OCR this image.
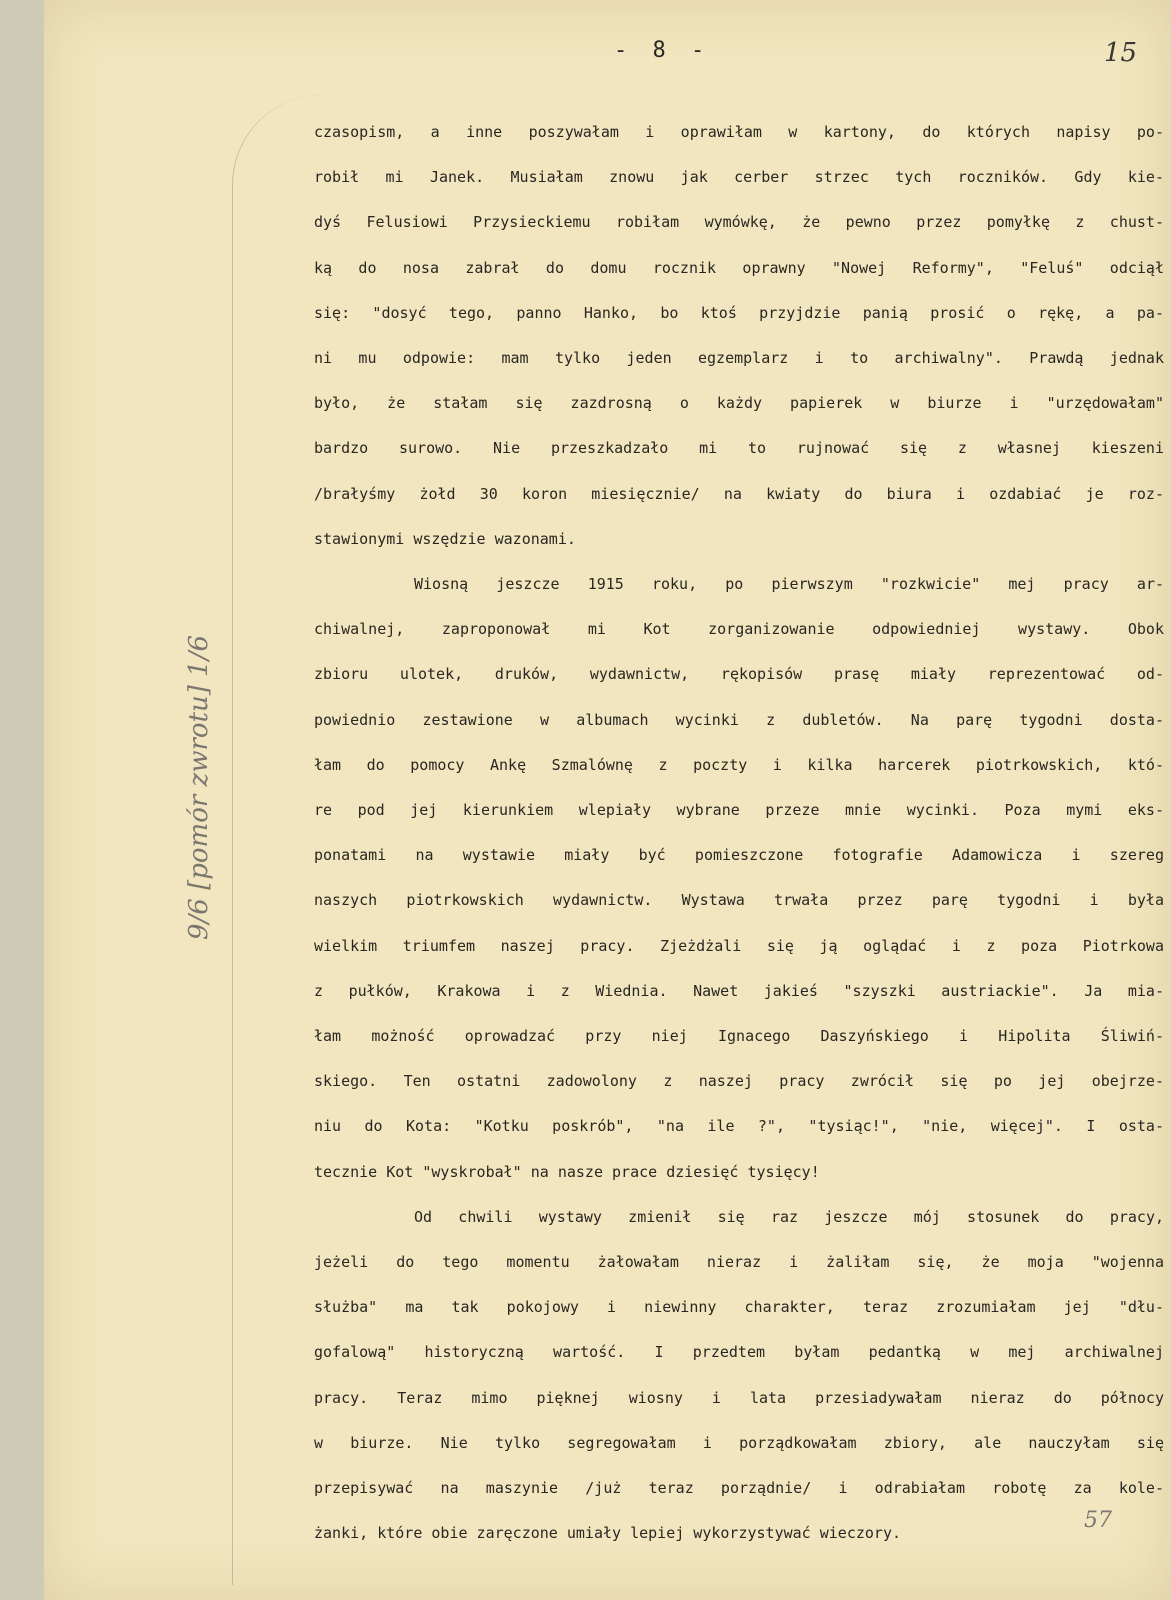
- 8 -	15
9/6 [pomór zwrotu] 1/6
czasopism, a inne poszywałam i oprawiłam w kartony, do których napisy po-
robił mi Janek. Musiałam znowu jak cerber strzec tych roczników. Gdy kie-
dyś Felusiowi Przysieckiemu robiłam wymówkę, że pewno przez pomyłkę z chust-
ką do nosa zabrał do domu rocznik oprawny "Nowej Reformy", "Feluś" odciął
się: "dosyć tego, panno Hanko, bo ktoś przyjdzie panią prosić o rękę, a pa-
ni mu odpowie: mam tylko jeden egzemplarz i to archiwalny". Prawdą jednak
było, że stałam się zazdrosną o każdy papierek w biurze i "urzędowałam"
bardzo surowo. Nie przeszkadzało mi to rujnować się z własnej kieszeni
/brałyśmy żołd 30 koron miesięcznie/ na kwiaty do biura i ozdabiać je roz-
stawionymi wszędzie wazonami.
Wiosną jeszcze 1915 roku, po pierwszym "rozkwicie" mej pracy ar-
chiwalnej, zaproponował mi Kot zorganizowanie odpowiedniej wystawy. Obok
zbioru ulotek, druków, wydawnictw, rękopisów prasę miały reprezentować od-
powiednio zestawione w albumach wycinki z dubletów. Na parę tygodni dosta-
łam do pomocy Ankę Szmalównę z poczty i kilka harcerek piotrkowskich, któ-
re pod jej kierunkiem wlepiały wybrane przeze mnie wycinki. Poza mymi eks-
ponatami na wystawie miały być pomieszczone fotografie Adamowicza i szereg
naszych piotrkowskich wydawnictw. Wystawa trwała przez parę tygodni i była
wielkim triumfem naszej pracy. Zjeżdżali się ją oglądać i z poza Piotrkowa
z pułków, Krakowa i z Wiednia. Nawet jakieś "szyszki austriackie". Ja mia-
łam możność oprowadzać przy niej Ignacego Daszyńskiego i Hipolita Śliwiń-
skiego. Ten ostatni zadowolony z naszej pracy zwrócił się po jej obejrze-
niu do Kota: "Kotku poskrób", "na ile ?", "tysiąc!", "nie, więcej". I osta-
tecznie Kot "wyskrobał" na nasze prace dziesięć tysięcy!
Od chwili wystawy zmienił się raz jeszcze mój stosunek do pracy,
jeżeli do tego momentu żałowałam nieraz i żaliłam się, że moja "wojenna
służba" ma tak pokojowy i niewinny charakter, teraz zrozumiałam jej "dłu-
gofalową" historyczną wartość. I przedtem byłam pedantką w mej archiwalnej
pracy. Teraz mimo pięknej wiosny i lata przesiadywałam nieraz do północy
w biurze. Nie tylko segregowałam i porządkowałam zbiory, ale nauczyłam się
przepisywać na maszynie /już teraz porządnie/ i odrabiałam robotę za kole-
żanki, które obie zaręczone umiały lepiej wykorzystywać wieczory.
57
